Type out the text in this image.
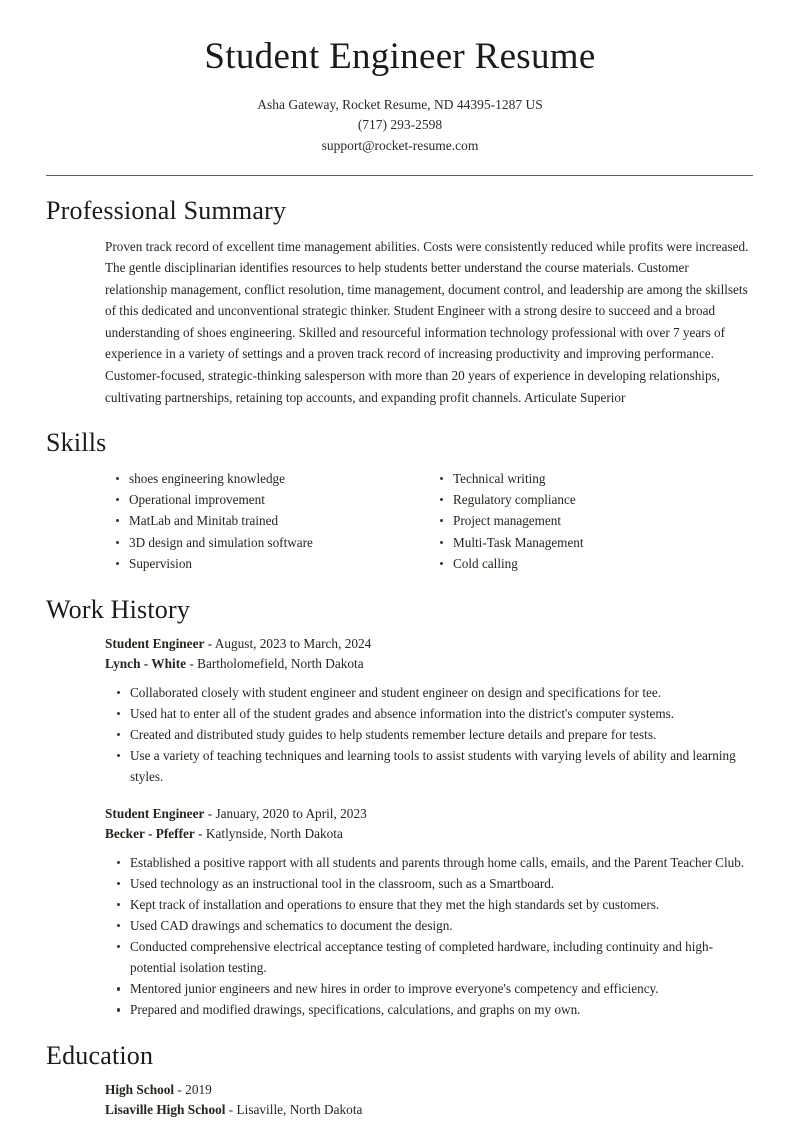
Student Engineer Resume

Asha Gateway, Rocket Resume, ND 44395-1287 US

(717) 293-2598

support@rocket-resume.com

Professional Summary

Proven track record of excellent time management abilities. Costs were consistently reduced while profits were increased. The gentle disciplinarian identifies resources to help students better understand the course materials. Customer relationship management, conflict resolution, time management, document control, and leadership are among the skillsets of this dedicated and unconventional strategic thinker. Student Engineer with a strong desire to succeed and a broad understanding of shoes engineering. Skilled and resourceful information technology professional with over 7 years of experience in a variety of settings and a proven track record of increasing productivity and improving performance. Customer-focused, strategic-thinking salesperson with more than 20 years of experience in developing relationships, cultivating partnerships, retaining top accounts, and expanding profit channels. Articulate Superior

Skills
shoes engineering knowledge
Operational improvement
MatLab and Minitab trained
3D design and simulation software
Supervision
Technical writing
Regulatory compliance
Project management
Multi-Task Management
Cold calling
Work History
Student Engineer - August, 2023 to March, 2024
Lynch - White - Bartholomefield, North Dakota
Collaborated closely with student engineer and student engineer on design and specifications for tee.
Used hat to enter all of the student grades and absence information into the district's computer systems.
Created and distributed study guides to help students remember lecture details and prepare for tests.
Use a variety of teaching techniques and learning tools to assist students with varying levels of ability and learning styles.
Student Engineer - January, 2020 to April, 2023
Becker - Pfeffer - Katlynside, North Dakota
Established a positive rapport with all students and parents through home calls, emails, and the Parent Teacher Club.
Used technology as an instructional tool in the classroom, such as a Smartboard.
Kept track of installation and operations to ensure that they met the high standards set by customers.
Used CAD drawings and schematics to document the design.
Conducted comprehensive electrical acceptance testing of completed hardware, including continuity and high-potential isolation testing.
Mentored junior engineers and new hires in order to improve everyone's competency and efficiency.
Prepared and modified drawings, specifications, calculations, and graphs on my own.
Education
High School - 2019
Lisaville High School - Lisaville, North Dakota
